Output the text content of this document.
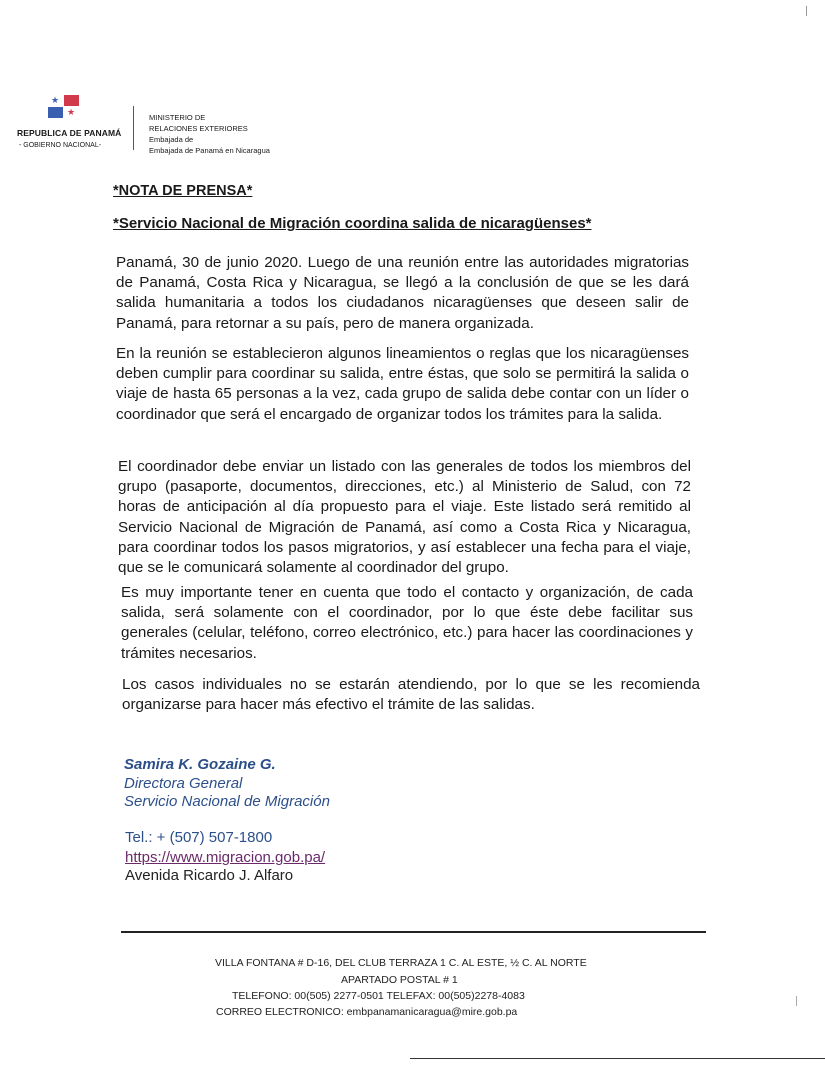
★
★
REPUBLICA DE PANAMÁ
- GOBIERNO NACIONAL-
MINISTERIO DE
RELACIONES EXTERIORES
Embajada de
Embajada de Panamá en Nicaragua
*NOTA DE PRENSA*
*Servicio Nacional de Migración coordina salida de nicaragüenses*
Panamá, 30 de junio 2020. Luego de una reunión entre las autoridades migratorias de Panamá, Costa Rica y Nicaragua, se llegó a la conclusión de que se les dará salida humanitaria a todos los ciudadanos nicaragüenses que deseen salir de Panamá, para retornar a su país, pero de manera organizada.
En la reunión se establecieron algunos lineamientos o reglas que los nicaragüenses deben cumplir para coordinar su salida, entre éstas, que solo se permitirá la salida o viaje de hasta 65 personas a la vez, cada grupo de salida debe contar con un líder o coordinador que será el encargado de organizar todos los trámites para la salida.
El coordinador debe enviar un listado con las generales de todos los miembros del grupo (pasaporte, documentos, direcciones, etc.) al Ministerio de Salud, con 72 horas de anticipación al día propuesto para el viaje. Este listado será remitido al Servicio Nacional de Migración de Panamá, así como a Costa Rica y Nicaragua, para coordinar todos los pasos migratorios, y así establecer una fecha para el viaje, que se le comunicará solamente al coordinador del grupo.
Es muy importante tener en cuenta que todo el contacto y organización, de cada salida, será solamente con el coordinador, por lo que éste debe facilitar sus generales (celular, teléfono, correo electrónico, etc.) para hacer las coordinaciones y trámites necesarios.
Los casos individuales no se estarán atendiendo, por lo que se les recomienda organizarse para hacer más efectivo el trámite de las salidas.
Samira K. Gozaine G.
Directora General
Servicio Nacional de Migración
Tel.: + (507) 507-1800
https://www.migracion.gob.pa/
Avenida Ricardo J. Alfaro
VILLA FONTANA # D-16, DEL CLUB TERRAZA 1 C. AL ESTE, ½ C. AL NORTE
APARTADO POSTAL # 1
TELEFONO: 00(505) 2277-0501 TELEFAX: 00(505)2278-4083
CORREO ELECTRONICO: embpanamanicaragua@mire.gob.pa
